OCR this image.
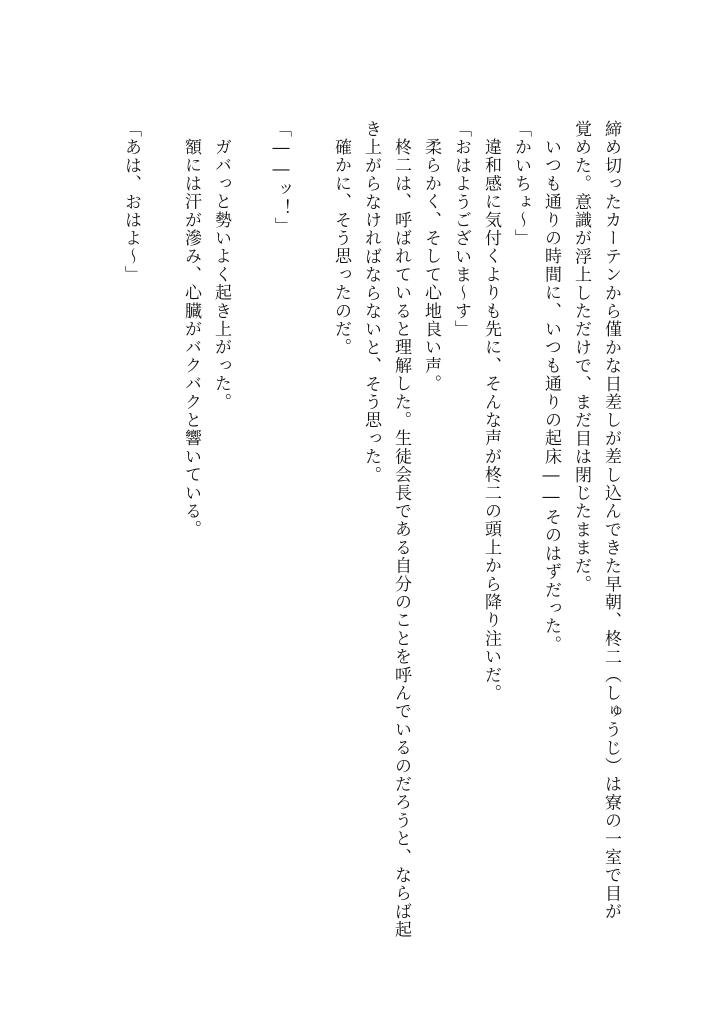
締め切ったカーテンから僅かな日差しが差し込んできた早朝、柊二（しゅうじ）は寮の一室で目が
覚めた。意識が浮上しただけで、まだ目は閉じたままだ。
いつも通りの時間に、いつも通りの起床――そのはずだった。
「かいちょ〜」
違和感に気付くよりも先に、そんな声が柊二の頭上から降り注いだ。
「おはようございま〜す」
柔らかく、そして心地良い声。
柊二は、呼ばれていると理解した。生徒会長である自分のことを呼んでいるのだろうと、ならば起
き上がらなければならないと、そう思った。
確かに、そう思ったのだ。
「――ッ！」
ガバっと勢いよく起き上がった。
額には汗が滲み、心臓がバクバクと響いている。
「あは、おはよ〜」
